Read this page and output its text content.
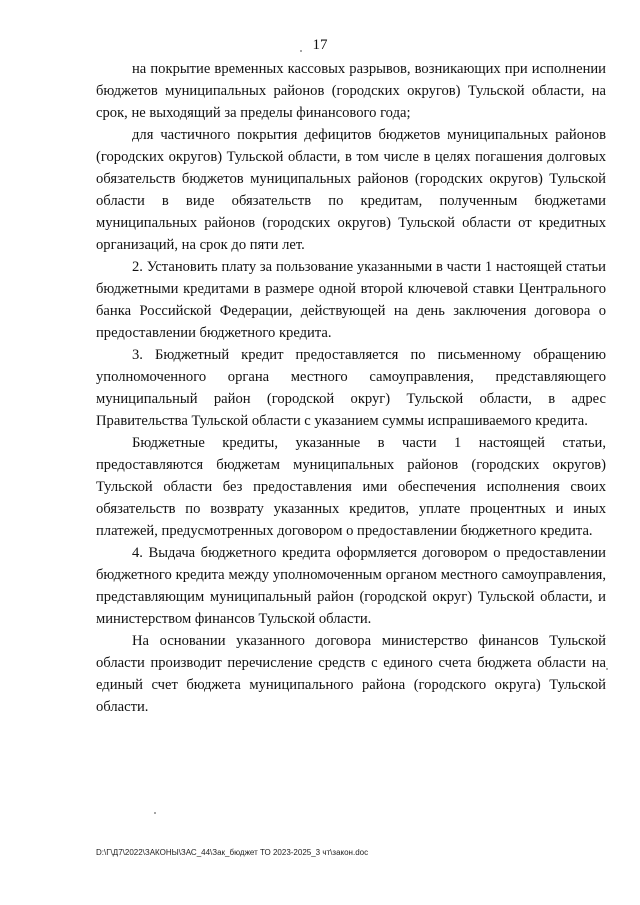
17

на покрытие временных кассовых разрывов, возникающих при исполнении бюджетов муниципальных районов (городских округов) Тульской области, на срок, не выходящий за пределы финансового года;

для частичного покрытия дефицитов бюджетов муниципальных районов (городских округов) Тульской области, в том числе в целях погашения долговых обязательств бюджетов муниципальных районов (городских округов) Тульской области в виде обязательств по кредитам, полученным бюджетами муниципальных районов (городских округов) Тульской области от кредитных организаций, на срок до пяти лет.

2. Установить плату за пользование указанными в части 1 настоящей статьи бюджетными кредитами в размере одной второй ключевой ставки Центрального банка Российской Федерации, действующей на день заключения договора о предоставлении бюджетного кредита.

3. Бюджетный кредит предоставляется по письменному обращению уполномоченного органа местного самоуправления, представляющего муниципальный район (городской округ) Тульской области, в адрес Правительства Тульской области с указанием суммы испрашиваемого кредита.

Бюджетные кредиты, указанные в части 1 настоящей статьи, предоставляются бюджетам муниципальных районов (городских округов) Тульской области без предоставления ими обеспечения исполнения своих обязательств по возврату указанных кредитов, уплате процентных и иных платежей, предусмотренных договором о предоставлении бюджетного кредита.

4. Выдача бюджетного кредита оформляется договором о предоставлении бюджетного кредита между уполномоченным органом местного самоуправления, представляющим муниципальный район (городской округ) Тульской области, и министерством финансов Тульской области.

На основании указанного договора министерство финансов Тульской области производит перечисление средств с единого счета бюджета области на единый счет бюджета муниципального района (городского округа) Тульской области.

D:\Г\Д7\2022\ЗАКОНЫ\ЗАС_44\Зак_бюджет ТО 2023-2025_3 чт\закон.doc
